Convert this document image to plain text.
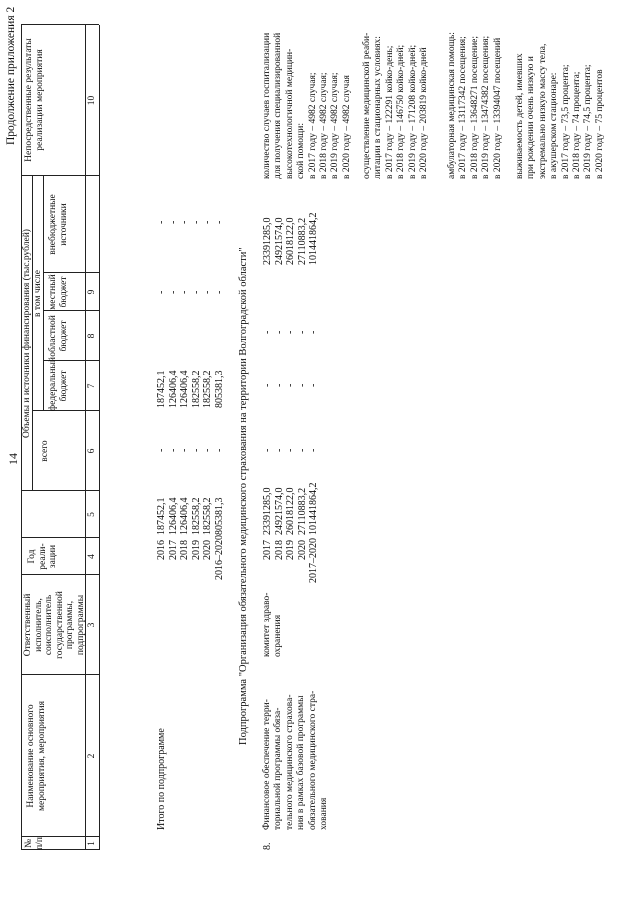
14
Продолжение приложения 2
№ п/п
Наименование основного мероприятия, мероприятия
Ответственный исполнитель, соисполнитель государственной программы, подпрограммы
Год реали- зации
Объемы и источники финансирования (тыс.рублей)
всего
в том числе
федеральный бюджет
областной бюджет
местный бюджет
внебюджетные источники
Непосредственные результаты реализации мероприятия
1
2
3
4
5
6
7
8
9
10
Итого по подпрограмме
2016 2017 2018 2019 2020 2016–2020
187452,1 126406,4 126406,4 182558,2 182558,2 805381,3
- - - - - -
187452,1 126406,4 126406,4 182558,2 182558,2 805381,3
- - - - - -
- - - - - -
Подпрограмма "Организация обязательного медицинского страхования на территории Волгоградской области"
8.
Финансовое обеспечение терри- ториальной программы обяза- тельного медицинского страхова- ния в рамках базовой программы обязательного медицинского стра- хования
комитет здраво- охранения
2017 2018 2019 2020 2017–2020
23391285,0 24921574,0 26018122,0 27110883,2 101441864,2
- - - - -
- - - - -
- - - - -
23391285,0 24921574,0 26018122,0 27110883,2 101441864,2
количество случаев госпитализации для получения специализированной высокотехнологичной медицин- ской помощи: в 2017 году – 4982 случая; в 2018 году – 4982 случая; в 2019 году – 4982 случая; в 2020 году – 4982 случая осуществление медицинской реаби- литации в стационарных условиях: в 2017 году – 122291 койко-день; в 2018 году – 146750 койко-дней; в 2019 году – 171208 койко-дней; в 2020 году – 203819 койко-дней амбулаторная медицинская помощь: в 2017 году – 13117342 посещения; в 2018 году – 13648271 посещение; в 2019 году – 13474382 посещения; в 2020 году – 13394047 посещений выживаемость детей, имевших при рождении очень низкую и экстремально низкую массу тела, в акушерском стационаре: в 2017 году – 73,5 процента; в 2018 году – 74 процента; в 2019 году – 74,5 процента; в 2020 году – 75 процентов
